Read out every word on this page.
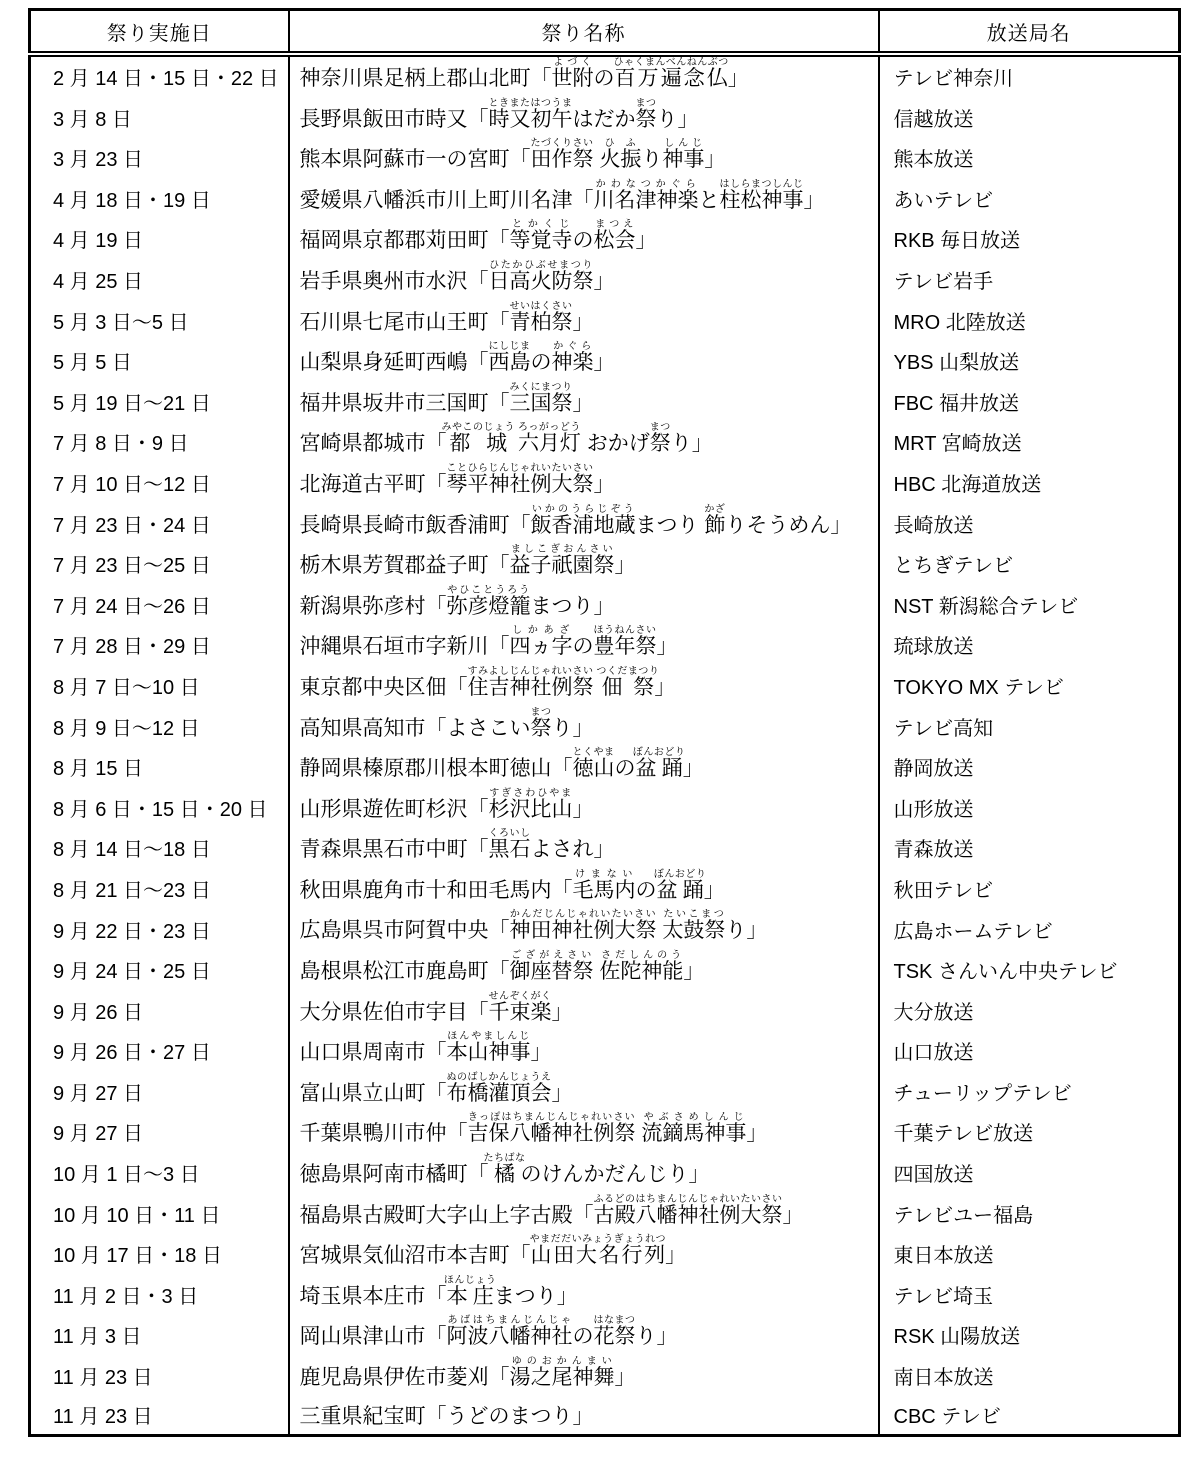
祭り実施日	祭り名称	放送局名
2 月 14 日・15 日・22 日	神奈川県足柄上郡山北町「世附よづくの百万遍念仏ひゃくまんべんねんぶつ」	テレビ神奈川
3 月 8 日	長野県飯田市時又「時又初午ときまたはつうまはだか祭まつり」	信越放送
3 月 23 日	熊本県阿蘇市一の宮町「田作祭たづくりさい 火振ひふり神事しんじ」	熊本放送
4 月 18 日・19 日	愛媛県八幡浜市川上町川名津「川名津神楽かわなつかぐらと柱松神事はしらまつしんじ」	あいテレビ
4 月 19 日	福岡県京都郡苅田町「等覚寺とかくじの松会まつえ」	RKB 毎日放送
4 月 25 日	岩手県奥州市水沢「日高火防祭ひたかひぶせまつり」	テレビ岩手
5 月 3 日～5 日	石川県七尾市山王町「青柏祭せいはくさい」	MRO 北陸放送
5 月 5 日	山梨県身延町西嶋「西島にしじまの神楽かぐら」	YBS 山梨放送
5 月 19 日～21 日	福井県坂井市三国町「三国祭みくにまつり」	FBC 福井放送
7 月 8 日・9 日	宮崎県都城市「都城みやこのじょう 六月灯ろっがっどう おかげ祭まつり」	MRT 宮崎放送
7 月 10 日～12 日	北海道古平町「琴平神社例大祭ことひらじんじゃれいたいさい」	HBC 北海道放送
7 月 23 日・24 日	長崎県長崎市飯香浦町「飯香浦地蔵いかのうらじぞうまつり 飾かざりそうめん」	長崎放送
7 月 23 日～25 日	栃木県芳賀郡益子町「益子祇園祭ましこぎおんさい」	とちぎテレビ
7 月 24 日～26 日	新潟県弥彦村「弥彦燈籠やひことうろうまつり」	NST 新潟総合テレビ
7 月 28 日・29 日	沖縄県石垣市字新川「四ヵ字しかあざの豊年祭ほうねんさい」	琉球放送
8 月 7 日～10 日	東京都中央区佃「住吉神社例祭すみよしじんじゃれいさい 佃祭つくだまつり」	TOKYO MX テレビ
8 月 9 日～12 日	高知県高知市「よさこい祭まつり」	テレビ高知
8 月 15 日	静岡県榛原郡川根本町徳山「徳山とくやまの盆踊ぼんおどり」	静岡放送
8 月 6 日・15 日・20 日	山形県遊佐町杉沢「杉沢比山すぎさわひやま」	山形放送
8 月 14 日～18 日	青森県黒石市中町「黒石くろいしよされ」	青森放送
8 月 21 日～23 日	秋田県鹿角市十和田毛馬内「毛馬内けまないの盆踊ぼんおどり」	秋田テレビ
9 月 22 日・23 日	広島県呉市阿賀中央「神田神社例大祭かんだじんじゃれいたいさい 太鼓祭たいこまつり」	広島ホームテレビ
9 月 24 日・25 日	島根県松江市鹿島町「御座替祭ござがえさい 佐陀神能さだしんのう」	TSK さんいん中央テレビ
9 月 26 日	大分県佐伯市宇目「千束楽せんぞくがく」	大分放送
9 月 26 日・27 日	山口県周南市「本山神事ほんやましんじ」	山口放送
9 月 27 日	富山県立山町「布橋灌頂会ぬのばしかんじょうえ」	チューリップテレビ
9 月 27 日	千葉県鴨川市仲「吉保八幡神社例祭きっぽはちまんじんじゃれいさい 流鏑馬神事やぶさめしんじ」	千葉テレビ放送
10 月 1 日～3 日	徳島県阿南市橘町「橘たちばなのけんかだんじり」	四国放送
10 月 10 日・11 日	福島県古殿町大字山上字古殿「古殿八幡神社例大祭ふるどのはちまんじんじゃれいたいさい」	テレビユー福島
10 月 17 日・18 日	宮城県気仙沼市本吉町「山田大名行列やまだだいみょうぎょうれつ」	東日本放送
11 月 2 日・3 日	埼玉県本庄市「本庄ほんじょうまつり」	テレビ埼玉
11 月 3 日	岡山県津山市「阿波八幡神社あばはちまんじんじゃの花祭はなまつり」	RSK 山陽放送
11 月 23 日	鹿児島県伊佐市菱刈「湯之尾神舞ゆのおかんまい」	南日本放送
11 月 23 日	三重県紀宝町「うどのまつり」	CBC テレビ
